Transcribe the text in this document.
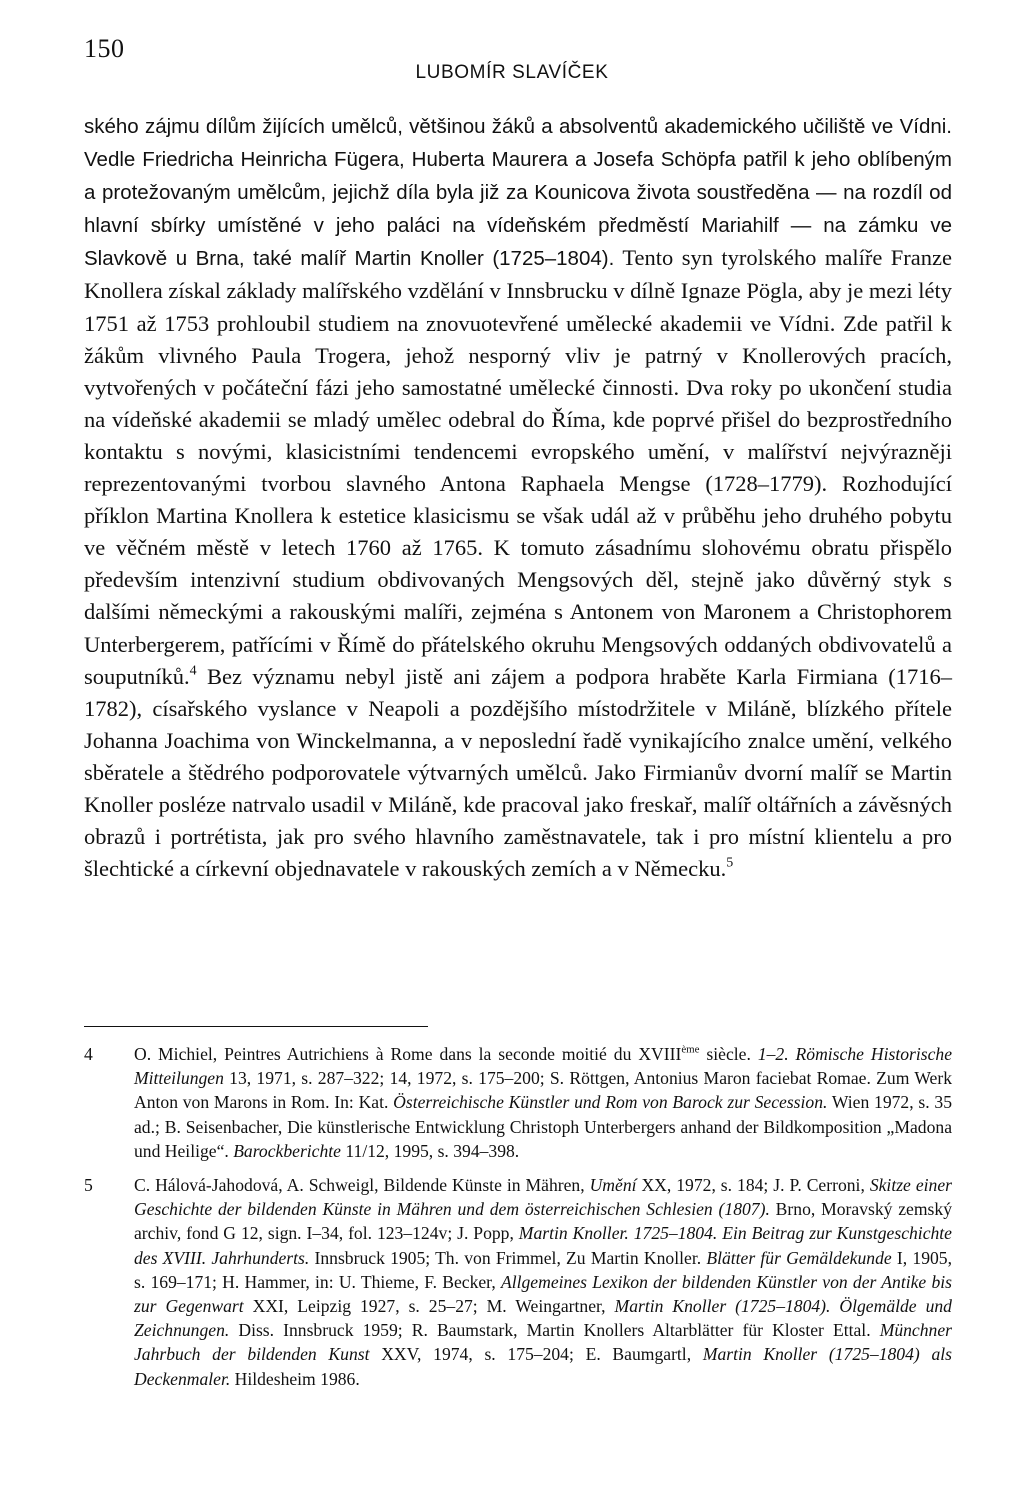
150
LUBOMÍR SLAVÍČEK

ského zájmu dílům žijících umělců, většinou žáků a absolventů akademického učiliště ve Vídni. Vedle Friedricha Heinricha Fügera, Huberta Maurera a Josefa Schöpfa patřil k jeho oblíbeným a protežovaným umělcům, jejichž díla byla již za Kounicova života soustředěna — na rozdíl od hlavní sbírky umístěné v jeho paláci na vídeňském předměstí Mariahilf — na zámku ve Slavkově u Brna, také malíř Martin Knoller (1725–1804). Tento syn tyrolského malíře Franze Knollera získal základy malířského vzdělání v Innsbrucku v dílně Ignaze Pögla, aby je mezi léty 1751 až 1753 prohloubil studiem na znovuotevřené umělecké akademii ve Vídni. Zde patřil k žákům vlivného Paula Trogera, jehož nesporný vliv je patrný v Knollerových pracích, vytvořených v počáteční fázi jeho samostatné umělecké činnosti. Dva roky po ukončení studia na vídeňské akademii se mladý umělec odebral do Říma, kde poprvé přišel do bezprostředního kontaktu s novými, klasicistními tendencemi evropského umění, v malířství nejvýrazněji reprezentovanými tvorbou slavného Antona Raphaela Mengse (1728–1779). Rozhodující příklon Martina Knollera k estetice klasicismu se však udál až v průběhu jeho druhého pobytu ve věčném městě v letech 1760 až 1765. K tomuto zásadnímu slohovému obratu přispělo především intenzivní studium obdivovaných Mengsových děl, stejně jako důvěrný styk s dalšími německými a rakouskými malíři, zejména s Antonem von Maronem a Christophorem Unterbergerem, patřícími v Římě do přátelského okruhu Mengsových oddaných obdivovatelů a souputníků.$^4$ Bez významu nebyl jistě ani zájem a podpora hraběte Karla Firmiana (1716–1782), císařského vyslance v Neapoli a pozdějšího místodržitele v Miláně, blízkého přítele Johanna Joachima von Winckelmanna, a v neposlední řadě vynikajícího znalce umění, velkého sběratele a štědrého podporovatele výtvarných umělců. Jako Firmianův dvorní malíř se Martin Knoller posléze natrvalo usadil v Miláně, kde pracoval jako freskař, malíř oltářních a závěsných obrazů i portrétista, jak pro svého hlavního zaměstnavatele, tak i pro místní klientelu a pro šlechtické a církevní objednavatele v rakouských zemích a v Německu.$^5$

4 O. Michiel, Peintres Autrichiens à Rome dans la seconde moitié du XVIIIème siècle. 1–2. Römische Historische Mitteilungen 13, 1971, s. 287–322; 14, 1972, s. 175–200; S. Röttgen, Antonius Maron faciebat Romae. Zum Werk Anton von Marons in Rom. In: Kat. Österreichische Künstler und Rom von Barock zur Secession. Wien 1972, s. 35 ad.; B. Seisenbacher, Die künstlerische Entwicklung Christoph Unterbergers anhand der Bildkomposition „Madona und Heilige“. Barockberichte 11/12, 1995, s. 394–398.
5 C. Hálová-Jahodová, A. Schweigl, Bildende Künste in Mähren, Umění XX, 1972, s. 184; J. P. Cerroni, Skitze einer Geschichte der bildenden Künste in Mähren und dem österreichischen Schlesien (1807). Brno, Moravský zemský archiv, fond G 12, sign. I–34, fol. 123–124v; J. Popp, Martin Knoller. 1725–1804. Ein Beitrag zur Kunstgeschichte des XVIII. Jahrhunderts. Innsbruck 1905; Th. von Frimmel, Zu Martin Knoller. Blätter für Gemäldekunde I, 1905, s. 169–171; H. Hammer, in: U. Thieme, F. Becker, Allgemeines Lexikon der bildenden Künstler von der Antike bis zur Gegenwart XXI, Leipzig 1927, s. 25–27; M. Weingartner, Martin Knoller (1725–1804). Ölgemälde und Zeichnungen. Diss. Innsbruck 1959; R. Baumstark, Martin Knollers Altarblätter für Kloster Ettal. Münchner Jahrbuch der bildenden Kunst XXV, 1974, s. 175–204; E. Baumgartl, Martin Knoller (1725–1804) als Deckenmaler. Hildesheim 1986.
